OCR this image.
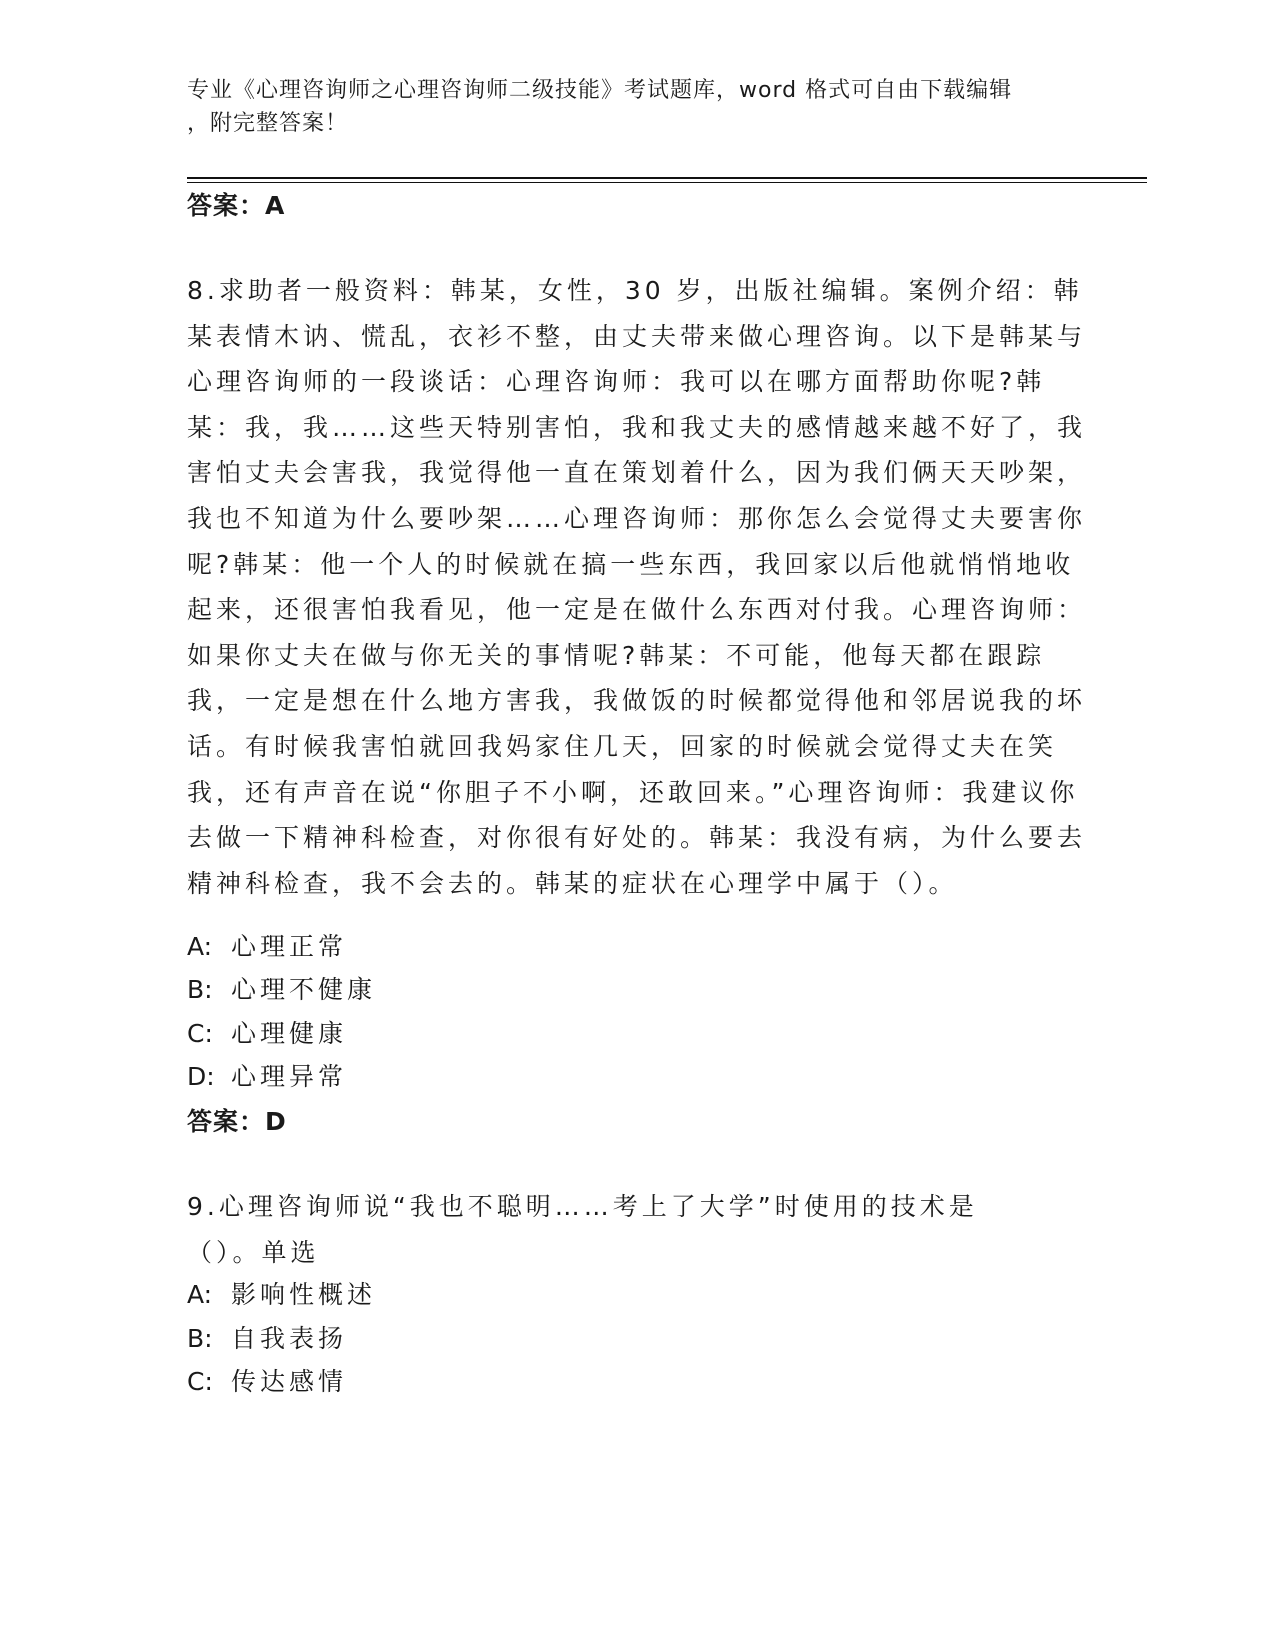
专业《心理咨询师之心理咨询师二级技能》考试题库，word 格式可自由下载编辑
，附完整答案！
答案：A
8.求助者一般资料：韩某，女性，30 岁，出版社编辑。案例介绍：韩某表情木讷、慌乱，衣衫不整，由丈夫带来做心理咨询。以下是韩某与心理咨询师的一段谈话：心理咨询师：我可以在哪方面帮助你呢?韩某：我，我……这些天特别害怕，我和我丈夫的感情越来越不好了，我害怕丈夫会害我，我觉得他一直在策划着什么，因为我们俩天天吵架，我也不知道为什么要吵架……心理咨询师：那你怎么会觉得丈夫要害你呢?韩某：他一个人的时候就在搞一些东西，我回家以后他就悄悄地收起来，还很害怕我看见，他一定是在做什么东西对付我。心理咨询师：如果你丈夫在做与你无关的事情呢?韩某：不可能，他每天都在跟踪我，一定是想在什么地方害我，我做饭的时候都觉得他和邻居说我的坏话。有时候我害怕就回我妈家住几天，回家的时候就会觉得丈夫在笑我，还有声音在说“你胆子不小啊，还敢回来。”心理咨询师：我建议你去做一下精神科检查，对你很有好处的。韩某：我没有病，为什么要去精神科检查，我不会去的。韩某的症状在心理学中属于（）。
A: 心理正常
B: 心理不健康
C: 心理健康
D: 心理异常
答案：D
9.心理咨询师说“我也不聪明……考上了大学”时使用的技术是（）。单选
A: 影响性概述
B: 自我表扬
C: 传达感情
